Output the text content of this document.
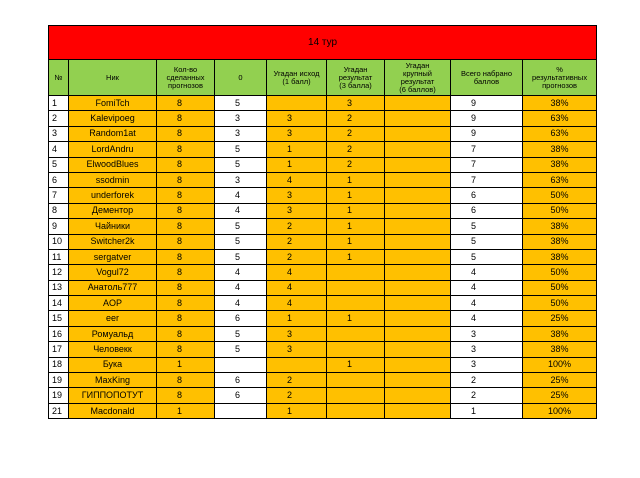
14 тур								
№	Ник	Кол-во
сделанных
прогнозов	0	Угадан исход
(1 балл)	Угадан
результат
(3 балла)	Угадан
крупный
результат
(6 баллов)	Всего набрано
баллов	%
результативных
прогнозов

1	FomiTch	8	5		3		9	38%
2	Kalevipoeg	8	3	3	2		9	63%
3	Random1at	8	3	3	2		9	63%
4	LordAndru	8	5	1	2		7	38%
5	ElwoodBlues	8	5	1	2		7	38%
6	ssodmin	8	3	4	1		7	63%
7	underforek	8	4	3	1		6	50%
8	Дементор	8	4	3	1		6	50%
9	Чайники	8	5	2	1		5	38%
10	Switcher2k	8	5	2	1		5	38%
11	sergatver	8	5	2	1		5	38%
12	Vogul72	8	4	4			4	50%
13	Анатоль777	8	4	4			4	50%
14	AOP	8	4	4			4	50%
15	eer	8	6	1	1		4	25%
16	Ромуальд	8	5	3			3	38%
17	Человекк	8	5	3			3	38%
18	Бука	1			1		3	100%
19	MaxKing	8	6	2			2	25%
19	ГИППОПОТУТ	8	6	2			2	25%
21	Macdonald	1		1			1	100%
